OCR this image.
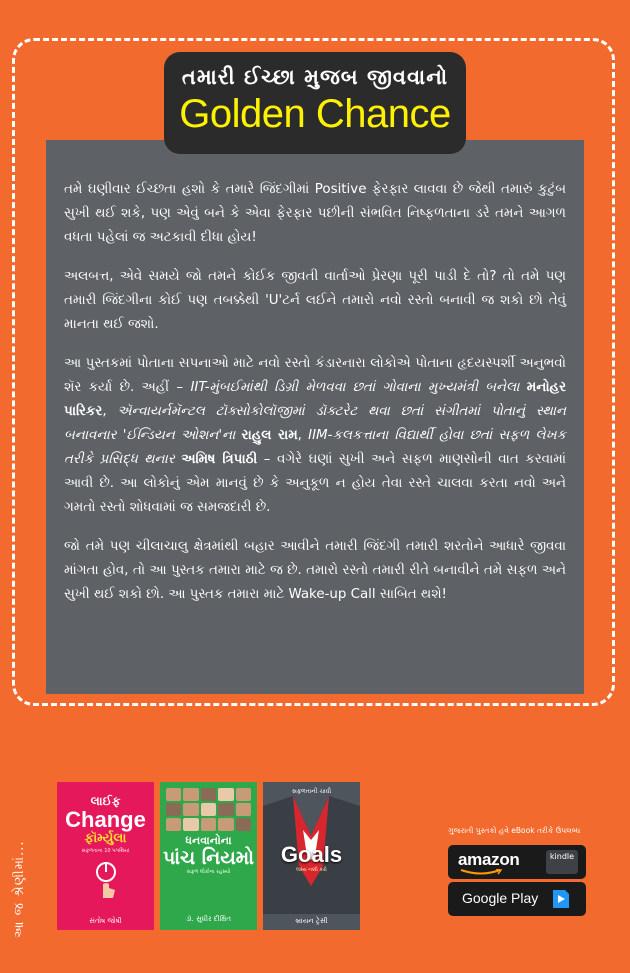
તમારી ઈચ્છા મુજબ જીવવાનો
Golden Chance

તમે ઘણીવાર ઈચ્છતા હશો કે તમારે જિંદગીમાં Positive ફેરફાર લાવવા છે જેથી તમારું કુટુંબ સુખી થઈ શકે, પણ એવું બને કે એવા ફેરફાર પછીની સંભવિત નિષ્ફળતાના ડરે તમને આગળ વધતા પહેલાં જ અટકાવી દીધા હોય!

અલબત્ત, એવે સમયે જો તમને કોઈક જીવતી વાર્તાઓ પ્રેરણા પૂરી પાડી દે તો? તો તમે પણ તમારી જિંદગીના કોઈ પણ તબક્કેથી 'U'ટર્ન લઈને તમારો નવો રસ્તો બનાવી જ શકો છો તેવું માનતા થઈ જશો.

આ પુસ્તકમાં પોતાના સપનાઓ માટે નવો રસ્તો કંડારનારા લોકોએ પોતાના હૃદયસ્પર્શી અનુભવો શૅર કર્યા છે. અહીં – IIT-મુંબઈમાંથી ડિગ્રી મેળવવા છતાં ગોવાના મુખ્યમંત્રી બનેલા મનોહર પારિકર, ઍન્વાયર્નમૅન્ટલ ટૉક્સોકોલૉજીમાં ડૉક્ટરેટ થવા છતાં સંગીતમાં પોતાનું સ્થાન બનાવનાર 'ઈન્ડિયન ઓશન'ના રાહુલ રામ, IIM-કલકત્તાના વિદ્યાર્થી હોવા છતાં સફળ લેખક તરીકે પ્રસિદ્ધ થનાર અમિષ ત્રિપાઠી – વગેરે ઘણાં સુખી અને સફળ માણસોની વાત કરવામાં આવી છે. આ લોકોનું એમ માનવું છે કે અનુકૂળ ન હોય તેવા રસ્તે ચાલવા કરતા નવો અને ગમતો રસ્તો શોધવામાં જ સમજદારી છે.

જો તમે પણ ચીલાચાલુ ક્ષેત્રમાંથી બહાર આવીને તમારી જિંદગી તમારી શરતોને આધારે જીવવા માંગતા હોવ, તો આ પુસ્તક તમારા માટે જ છે. તમારો રસ્તો તમારી રીતે બનાવીને તમે સફળ અને સુખી થઈ શકો છો. આ પુસ્તક તમારા માટે Wake-up Call સાબિત થશે!

આ જ શ્રેણીમાં...
લાઈફ
Change
ફૉર્મ્યુલા
સફળતાના 10 પગથિયાં
સંતોષ જોષી
ધનવાનોના
પાંચ નિયમો
સફળ લોકોના રહસ્યો
ડૉ. સુધીર દીક્ષિત
સફળતાની ચાવી
Goals
લક્ષ્ય નક્કી કરો
બ્રાયન ટ્રેસી
ગુજરાતી પુસ્તકો હવે eBook તરીકે ઉપલબ્ધ
amazon	kindle
Google Play
